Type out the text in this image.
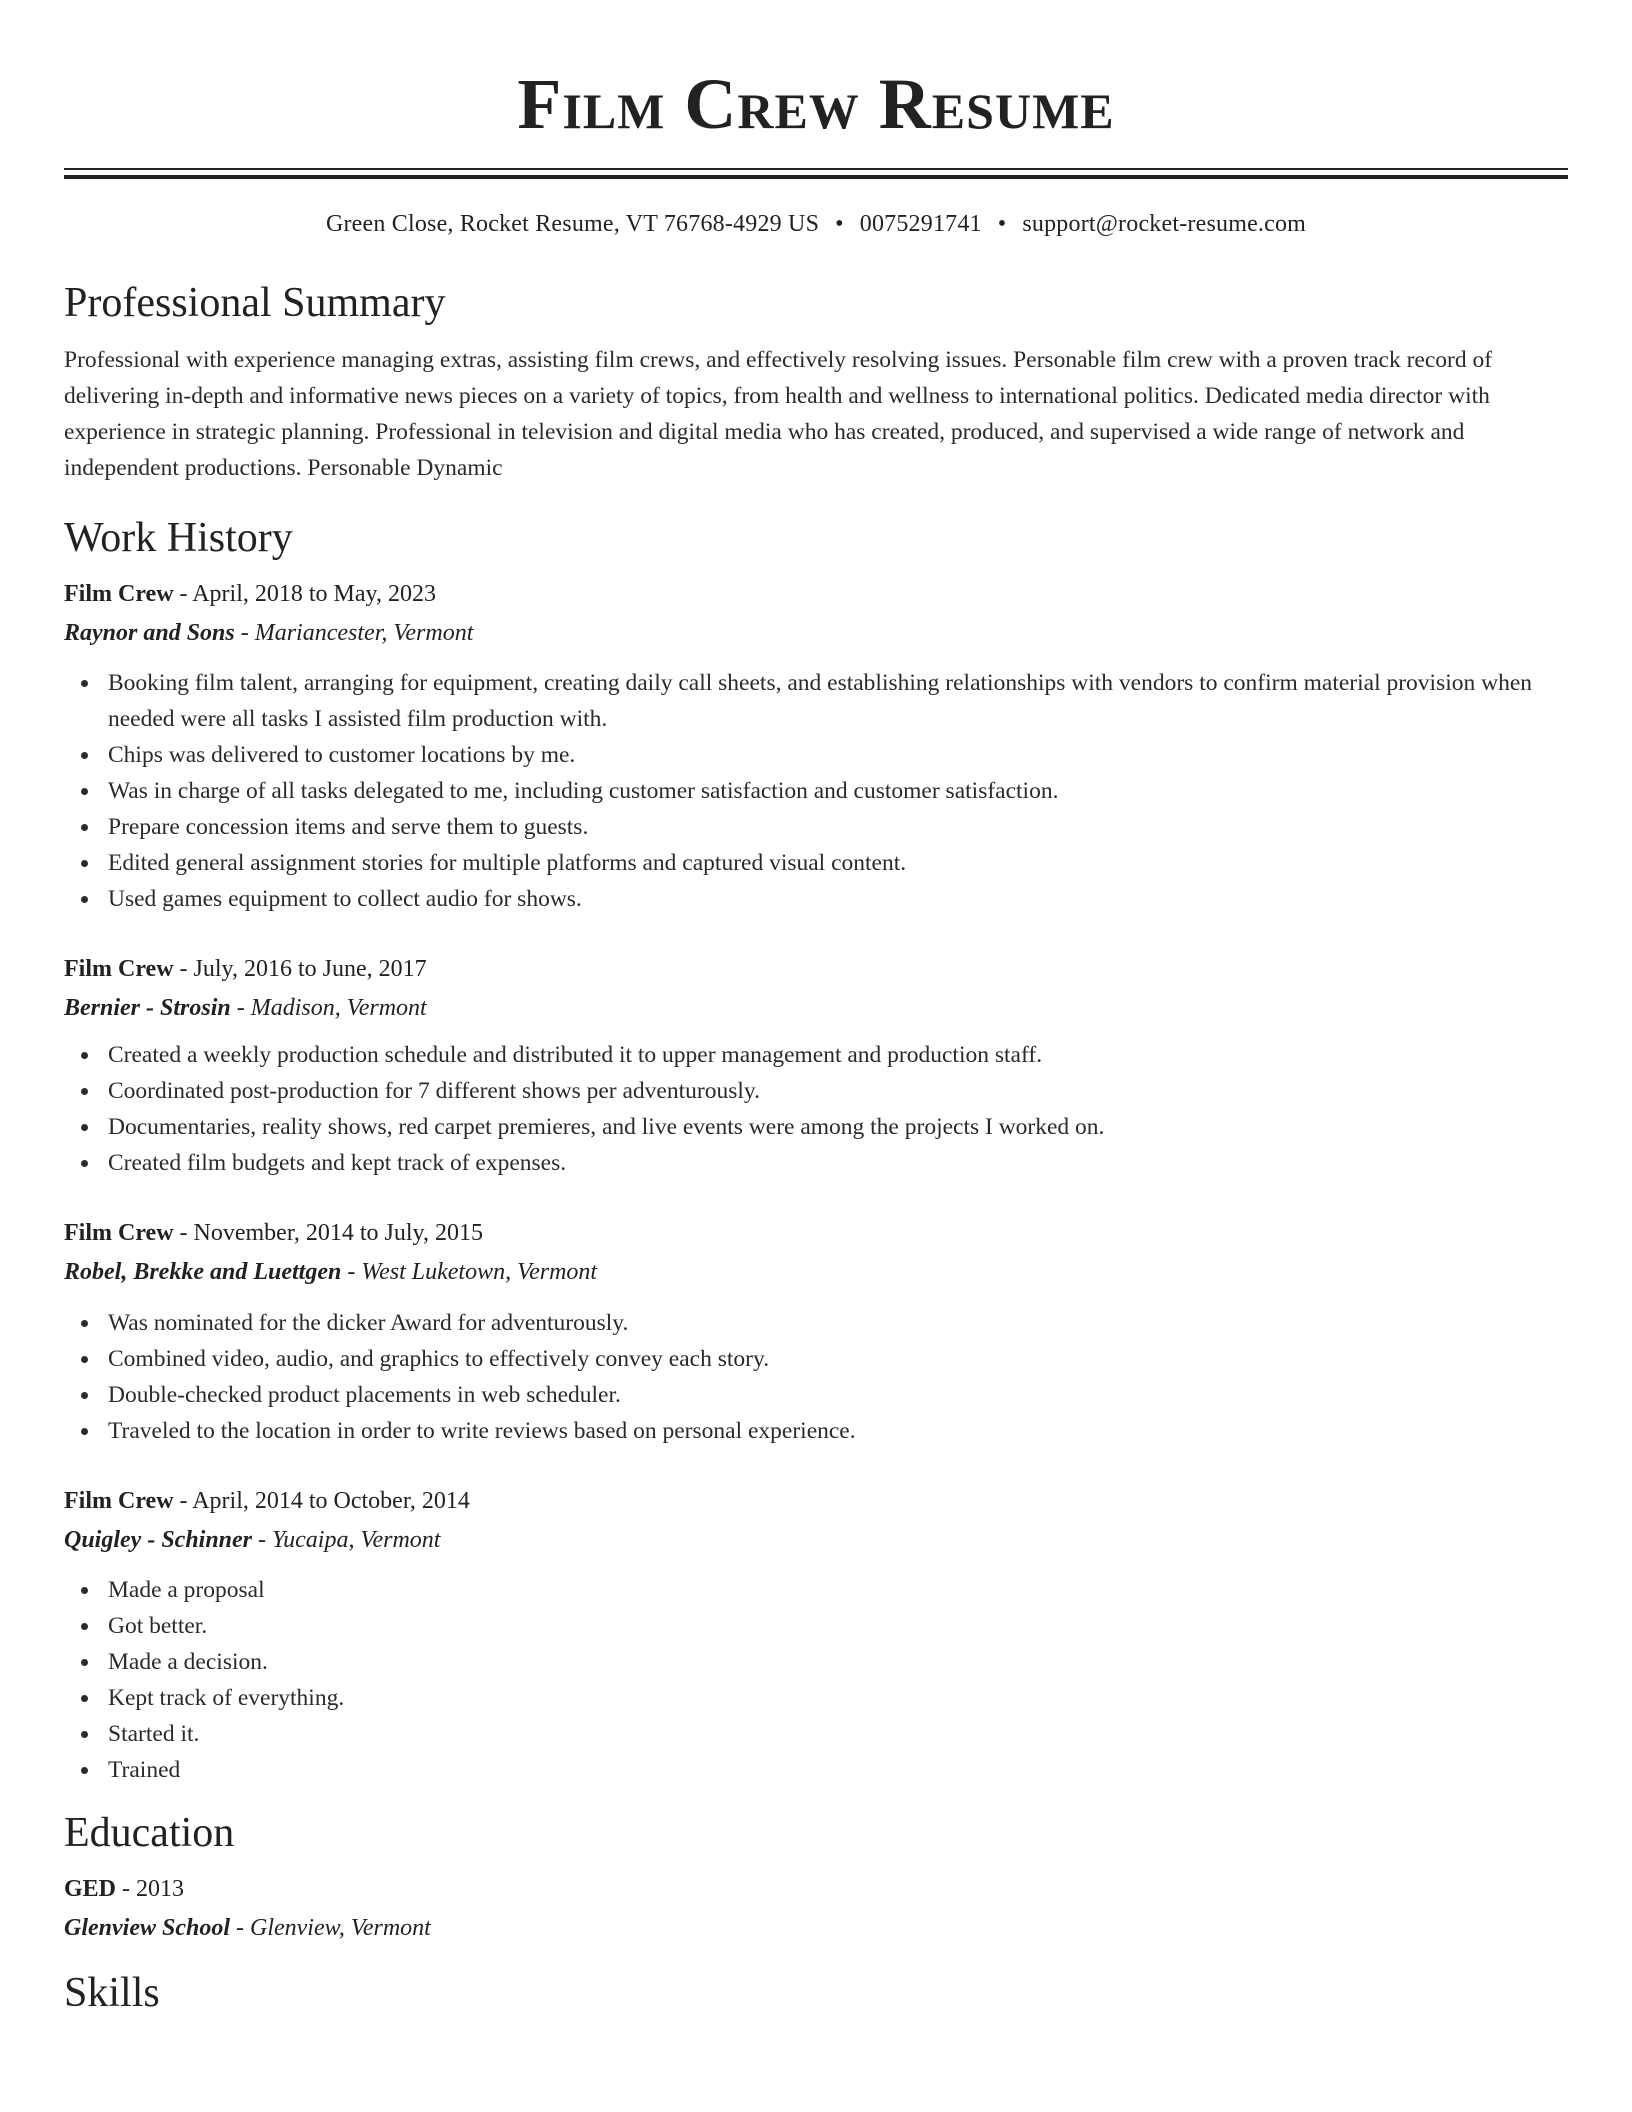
Film Crew Resume
Green Close, Rocket Resume, VT 76768-4929 US • 0075291741 • support@rocket-resume.com
Professional Summary

Professional with experience managing extras, assisting film crews, and effectively resolving issues. Personable film crew with a proven track record of delivering in-depth and informative news pieces on a variety of topics, from health and wellness to international politics. Dedicated media director with experience in strategic planning. Professional in television and digital media who has created, produced, and supervised a wide range of network and independent productions. Personable Dynamic

Work History
Film Crew - April, 2018 to May, 2023
Raynor and Sons - Mariancester, Vermont
Booking film talent, arranging for equipment, creating daily call sheets, and establishing relationships with vendors to confirm material provision when needed were all tasks I assisted film production with.
Chips was delivered to customer locations by me.
Was in charge of all tasks delegated to me, including customer satisfaction and customer satisfaction.
Prepare concession items and serve them to guests.
Edited general assignment stories for multiple platforms and captured visual content.
Used games equipment to collect audio for shows.
Film Crew - July, 2016 to June, 2017
Bernier - Strosin - Madison, Vermont
Created a weekly production schedule and distributed it to upper management and production staff.
Coordinated post-production for 7 different shows per adventurously.
Documentaries, reality shows, red carpet premieres, and live events were among the projects I worked on.
Created film budgets and kept track of expenses.
Film Crew - November, 2014 to July, 2015
Robel, Brekke and Luettgen - West Luketown, Vermont
Was nominated for the dicker Award for adventurously.
Combined video, audio, and graphics to effectively convey each story.
Double-checked product placements in web scheduler.
Traveled to the location in order to write reviews based on personal experience.
Film Crew - April, 2014 to October, 2014
Quigley - Schinner - Yucaipa, Vermont
Made a proposal
Got better.
Made a decision.
Kept track of everything.
Started it.
Trained
Education
GED - 2013
Glenview School - Glenview, Vermont
Skills
